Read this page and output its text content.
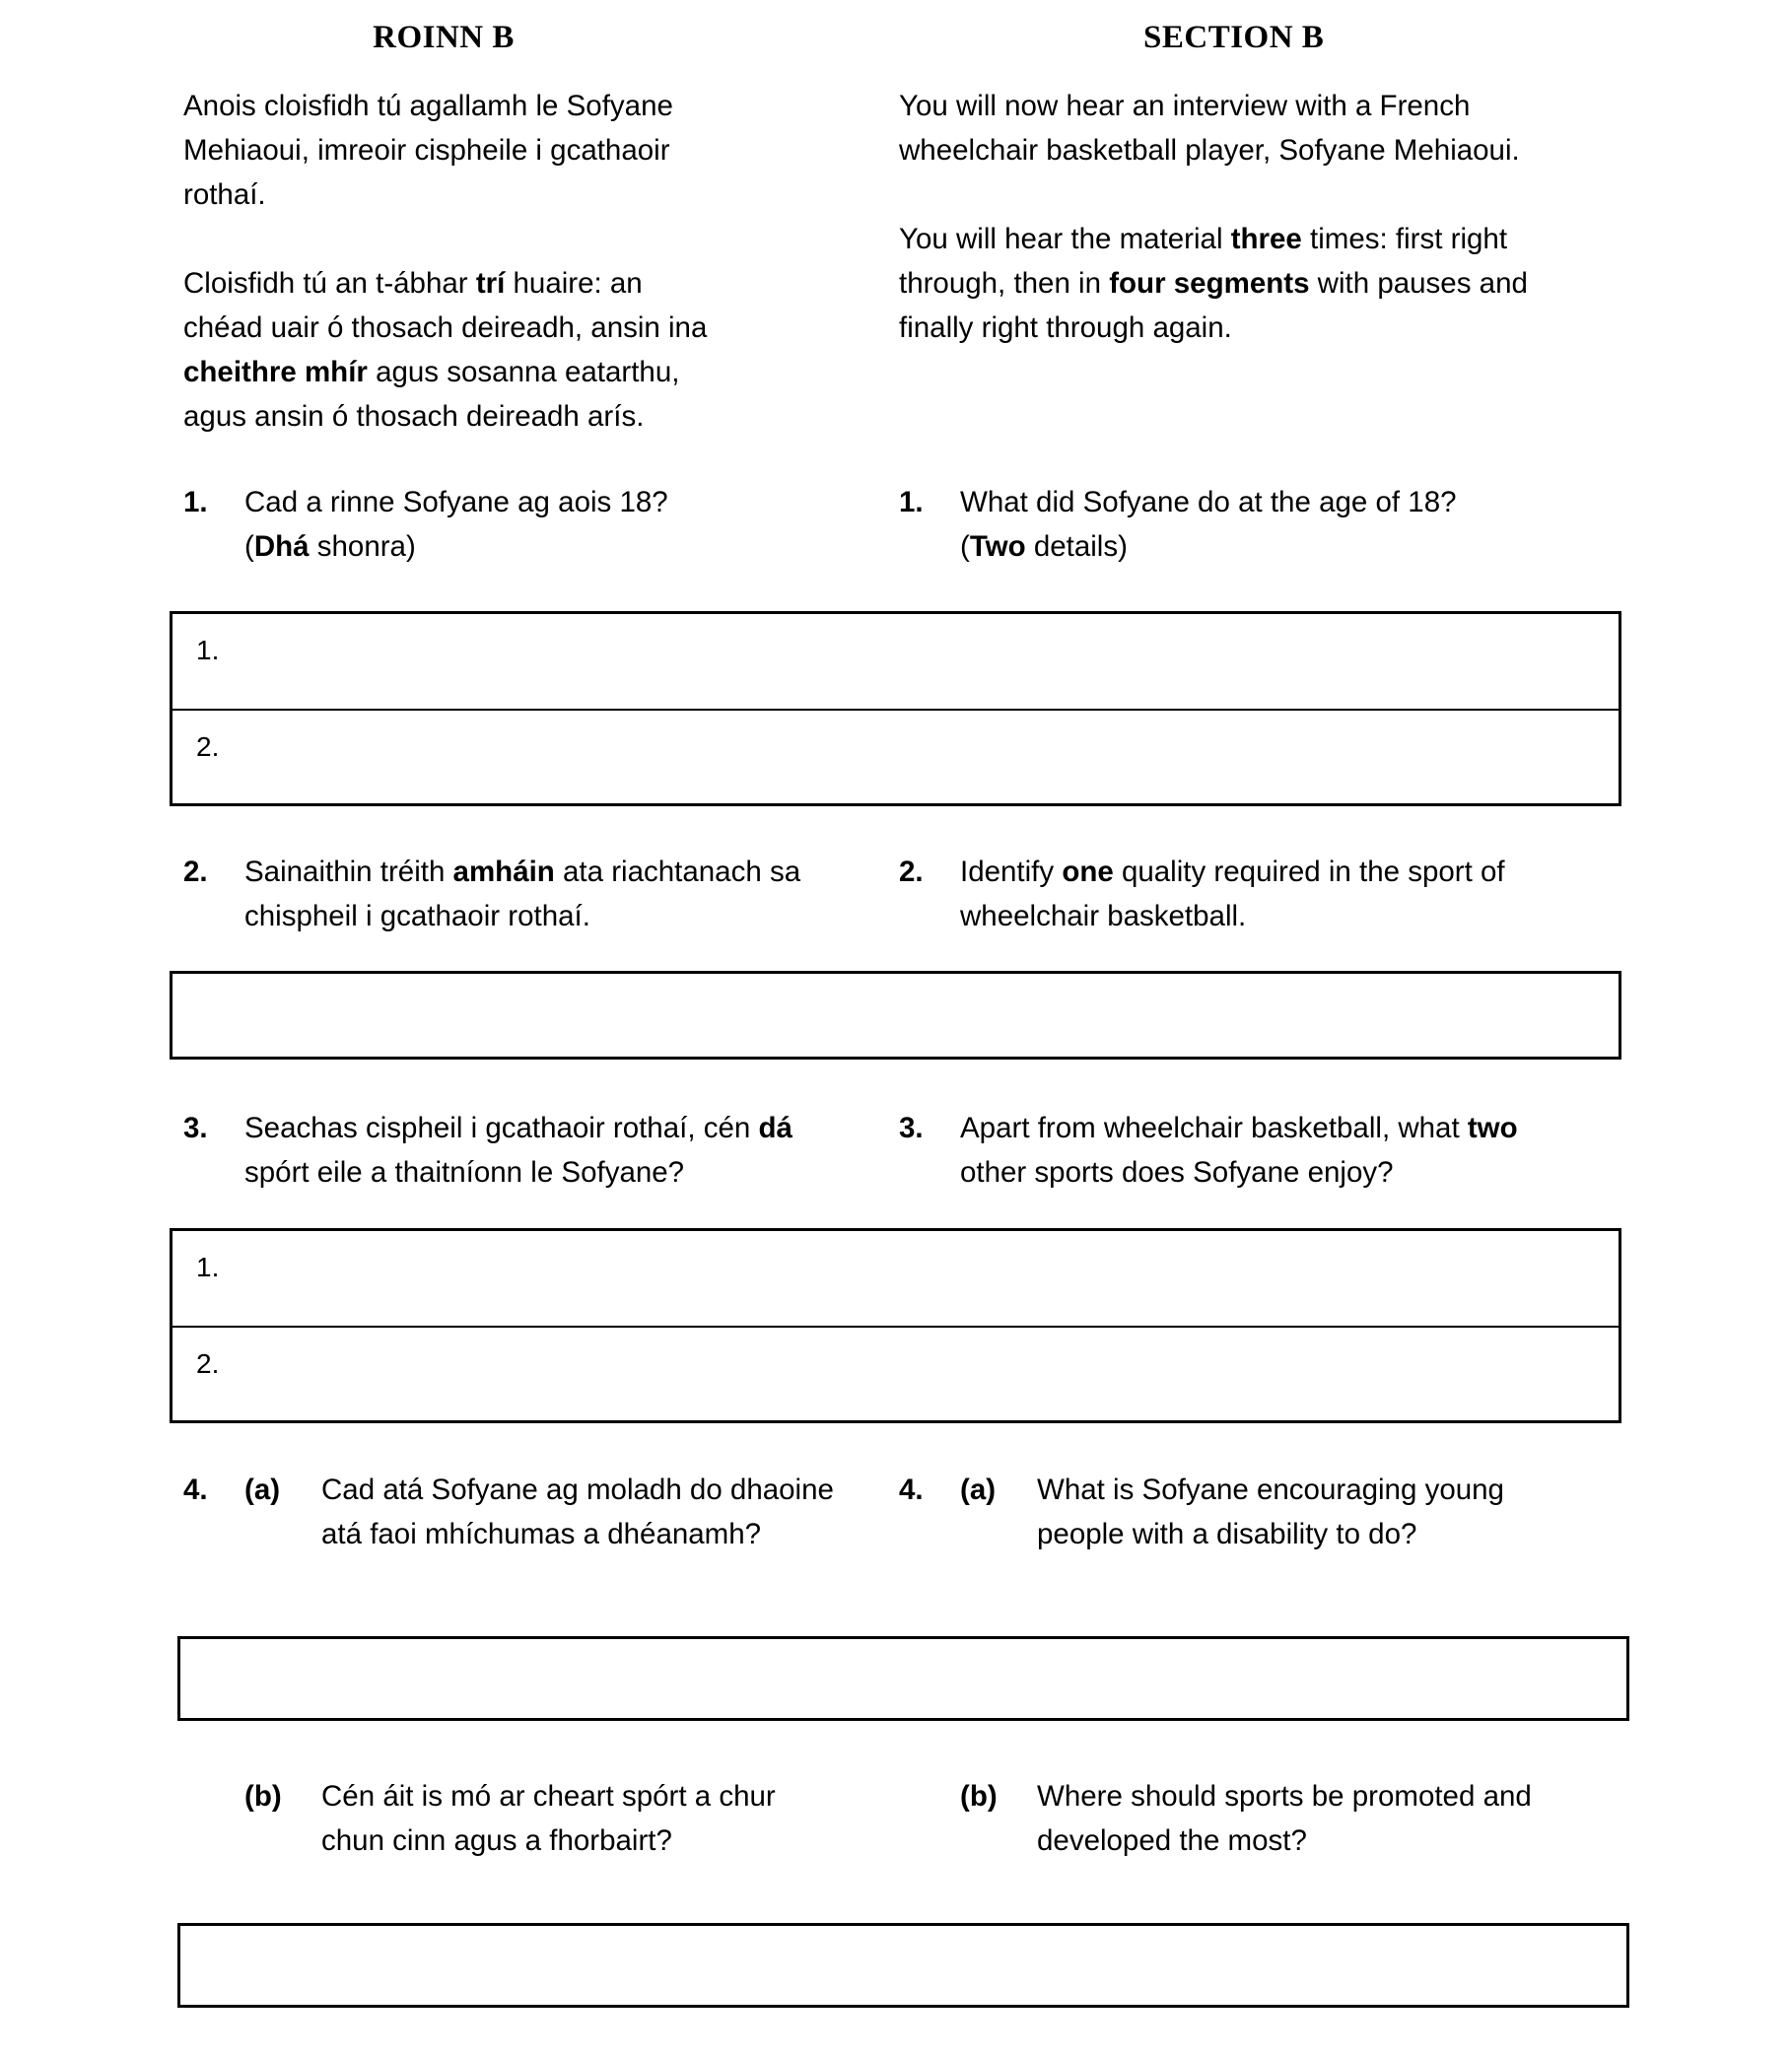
ROINN B	SECTION B

Anois cloisfidh tú agallamh le Sofyane Mehiaoui, imreoir cispheile i gcathaoir rothaí.

Cloisfidh tú an t-ábhar trí huaire: an chéad uair ó thosach deireadh, ansin ina cheithre mhír agus sosanna eatarthu, agus ansin ó thosach deireadh arís.

You will now hear an interview with a French wheelchair basketball player, Sofyane Mehiaoui.

You will hear the material three times: first right through, then in four segments with pauses and finally right through again.

1.	Cad a rinne Sofyane ag aois 18?
(Dhá shonra)
1.	What did Sofyane do at the age of 18?
(Two details)
1.
2.
2.	Sainaithin tréith amháin ata riachtanach sa chispheil i gcathaoir rothaí.
2.	Identify one quality required in the sport of wheelchair basketball.
3.	Seachas cispheil i gcathaoir rothaí, cén dá spórt eile a thaitníonn le Sofyane?
3.	Apart from wheelchair basketball, what two other sports does Sofyane enjoy?
1.
2.
4.	(a)	Cad atá Sofyane ag moladh do dhaoine atá faoi mhíchumas a dhéanamh?
4.	(a)	What is Sofyane encouraging young people with a disability to do?
(b)	Cén áit is mó ar cheart spórt a chur chun cinn agus a fhorbairt?
(b)	Where should sports be promoted and developed the most?
